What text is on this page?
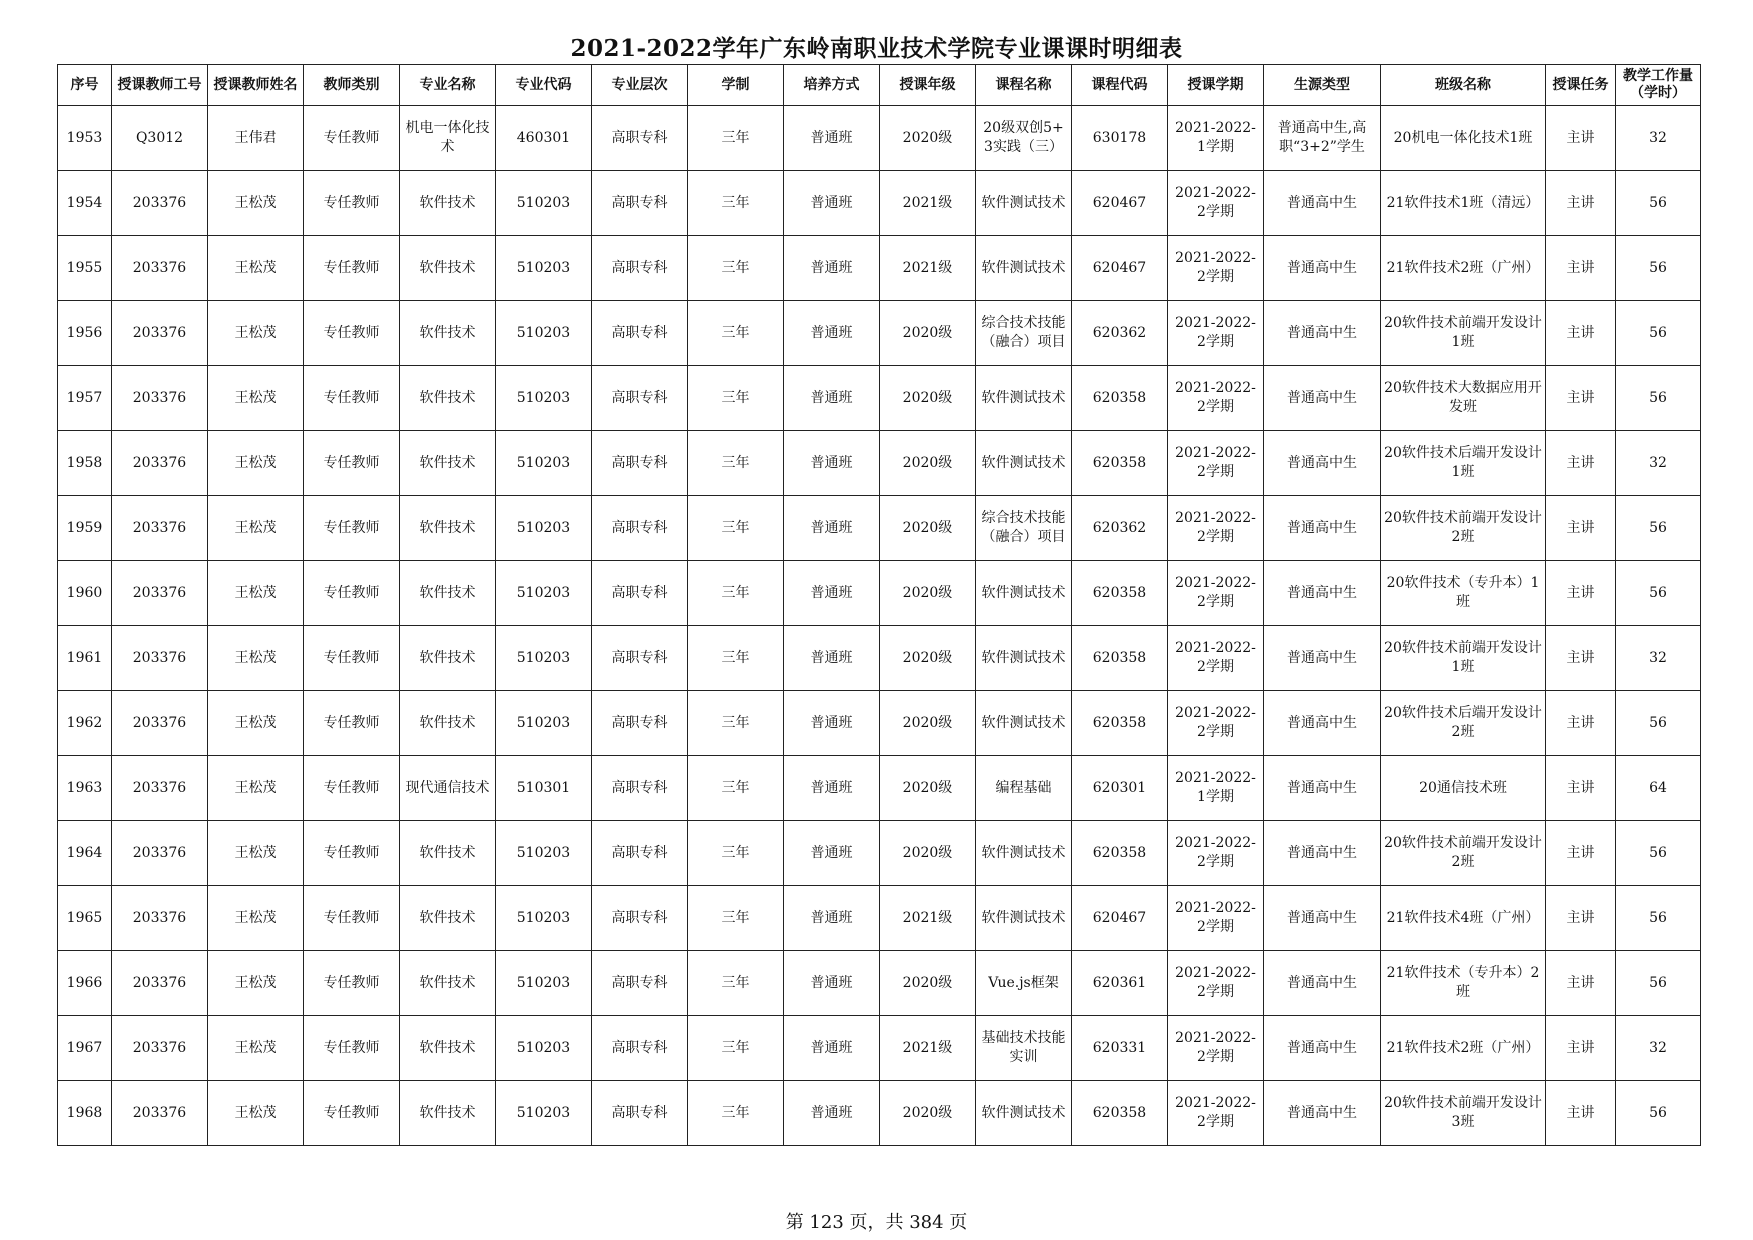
2021-2022学年广东岭南职业技术学院专业课课时明细表
序号	授课教师工号	授课教师姓名	教师类别	专业名称	专业代码	专业层次	学制	培养方式	授课年级	课程名称	课程代码	授课学期	生源类型	班级名称	授课任务	教学工作量（学时）
1953	Q3012	王伟君	专任教师	机电一体化技术	460301	高职专科	三年	普通班	2020级	20级双创5+3实践（三）	630178	2021-2022-1学期	普通高中生,高职“3+2”学生	20机电一体化技术1班	主讲	32
1954	203376	王松茂	专任教师	软件技术	510203	高职专科	三年	普通班	2021级	软件测试技术	620467	2021-2022-2学期	普通高中生	21软件技术1班（清远）	主讲	56
1955	203376	王松茂	专任教师	软件技术	510203	高职专科	三年	普通班	2021级	软件测试技术	620467	2021-2022-2学期	普通高中生	21软件技术2班（广州）	主讲	56
1956	203376	王松茂	专任教师	软件技术	510203	高职专科	三年	普通班	2020级	综合技术技能（融合）项目	620362	2021-2022-2学期	普通高中生	20软件技术前端开发设计1班	主讲	56
1957	203376	王松茂	专任教师	软件技术	510203	高职专科	三年	普通班	2020级	软件测试技术	620358	2021-2022-2学期	普通高中生	20软件技术大数据应用开发班	主讲	56
1958	203376	王松茂	专任教师	软件技术	510203	高职专科	三年	普通班	2020级	软件测试技术	620358	2021-2022-2学期	普通高中生	20软件技术后端开发设计1班	主讲	32
1959	203376	王松茂	专任教师	软件技术	510203	高职专科	三年	普通班	2020级	综合技术技能（融合）项目	620362	2021-2022-2学期	普通高中生	20软件技术前端开发设计2班	主讲	56
1960	203376	王松茂	专任教师	软件技术	510203	高职专科	三年	普通班	2020级	软件测试技术	620358	2021-2022-2学期	普通高中生	20软件技术（专升本）1班	主讲	56
1961	203376	王松茂	专任教师	软件技术	510203	高职专科	三年	普通班	2020级	软件测试技术	620358	2021-2022-2学期	普通高中生	20软件技术前端开发设计1班	主讲	32
1962	203376	王松茂	专任教师	软件技术	510203	高职专科	三年	普通班	2020级	软件测试技术	620358	2021-2022-2学期	普通高中生	20软件技术后端开发设计2班	主讲	56
1963	203376	王松茂	专任教师	现代通信技术	510301	高职专科	三年	普通班	2020级	编程基础	620301	2021-2022-1学期	普通高中生	20通信技术班	主讲	64
1964	203376	王松茂	专任教师	软件技术	510203	高职专科	三年	普通班	2020级	软件测试技术	620358	2021-2022-2学期	普通高中生	20软件技术前端开发设计2班	主讲	56
1965	203376	王松茂	专任教师	软件技术	510203	高职专科	三年	普通班	2021级	软件测试技术	620467	2021-2022-2学期	普通高中生	21软件技术4班（广州）	主讲	56
1966	203376	王松茂	专任教师	软件技术	510203	高职专科	三年	普通班	2020级	Vue.js框架	620361	2021-2022-2学期	普通高中生	21软件技术（专升本）2班	主讲	56
1967	203376	王松茂	专任教师	软件技术	510203	高职专科	三年	普通班	2021级	基础技术技能实训	620331	2021-2022-2学期	普通高中生	21软件技术2班（广州）	主讲	32
1968	203376	王松茂	专任教师	软件技术	510203	高职专科	三年	普通班	2020级	软件测试技术	620358	2021-2022-2学期	普通高中生	20软件技术前端开发设计3班	主讲	56
第 123 页，共 384 页
